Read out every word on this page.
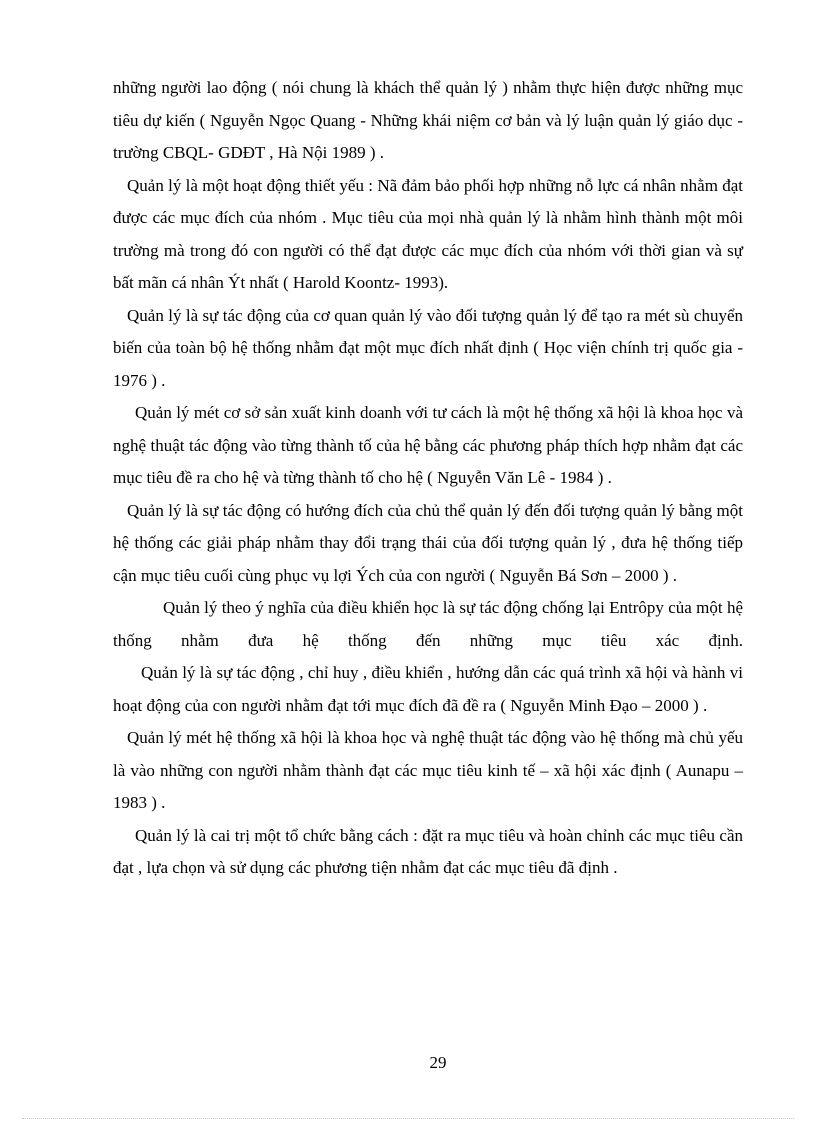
những người lao động ( nói chung là khách thể quản lý ) nhằm thực hiện được những mục tiêu dự kiến ( Nguyễn Ngọc Quang - Những khái niệm cơ bản và lý luận quản lý giáo dục - trường CBQL- GDĐT , Hà Nội 1989 ) .

Quản lý là một hoạt động thiết yếu : Nã đảm bảo phối hợp những nỗ lực cá nhân nhằm đạt được các mục đích của nhóm . Mục tiêu của mọi nhà quản lý là nhằm hình thành một môi trường mà trong đó con người có thể đạt được các mục đích của nhóm với thời gian và sự bất mãn cá nhân Ýt nhất ( Harold Koontz- 1993).

Quản lý là sự tác động của cơ quan quản lý vào đối tượng quản lý để tạo ra mét sù chuyển biến của toàn bộ hệ thống nhằm đạt một mục đích nhất định ( Học viện chính trị quốc gia - 1976 ) .

Quản lý mét cơ sở sản xuất kinh doanh với tư cách là một hệ thống xã hội là khoa học và nghệ thuật tác động vào từng thành tố của hệ bằng các phương pháp thích hợp nhằm đạt các mục tiêu đề ra cho hệ và từng thành tố cho hệ ( Nguyễn Văn Lê - 1984 ) .

Quản lý là sự tác động có hướng đích của chủ thể quản lý đến đối tượng quản lý bằng một hệ thống các giải pháp nhằm thay đổi trạng thái của đối tượng quản lý , đưa hệ thống tiếp cận mục tiêu cuối cùng phục vụ lợi Ých của con người ( Nguyễn Bá Sơn – 2000 ) .

Quản lý theo ý nghĩa của điều khiển học là sự tác động chống lại Entrôpy của một hệ thống nhằm đưa hệ thống đến những mục tiêu xác định.

Quản lý là sự tác động , chỉ huy , điều khiển , hướng dẫn các quá trình xã hội và hành vi hoạt động của con người nhằm đạt tới mục đích đã đề ra ( Nguyễn Minh Đạo – 2000 ) .

Quản lý mét hệ thống xã hội là khoa học và nghệ thuật tác động vào hệ thống mà chủ yếu là vào những con người nhằm thành đạt các mục tiêu kinh tế – xã hội xác định ( Aunapu – 1983 ) .

Quản lý là cai trị một tổ chức bằng cách : đặt ra mục tiêu và hoàn chỉnh các mục tiêu cần đạt , lựa chọn và sử dụng các phương tiện nhằm đạt các mục tiêu đã định .

29
